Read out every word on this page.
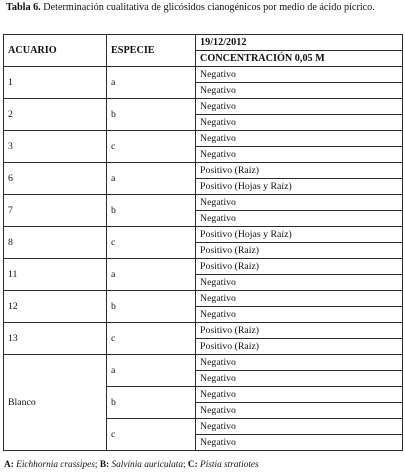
Tabla 6. Determinación cualitativa de glicósidos cianogénicos por medio de ácido pícrico.
ACUARIO	ESPECIE	19/12/2012
		CONCENTRACIÓN 0,05 M
1	a	Negativo
		Negativo
2	b	Negativo
		Negativo
3	c	Negativo
		Negativo
6	a	Positivo (Raíz)
		Positivo (Hojas y Raíz)
7	b	Negativo
		Negativo
8	c	Positivo (Hojas y Raíz)
		Positivo (Raíz)
11	a	Positivo (Raíz)
		Negativo
12	b	Negativo
		Negativo
13	c	Positivo (Raíz)
		Positivo (Raíz)
Blanco	a	Negativo
		Negativo
	b	Negativo
		Negativo
	c	Negativo
		Negativo
A: Eichhornia crassipes; B: Salvinia auriculata; C: Pistia stratiotes
